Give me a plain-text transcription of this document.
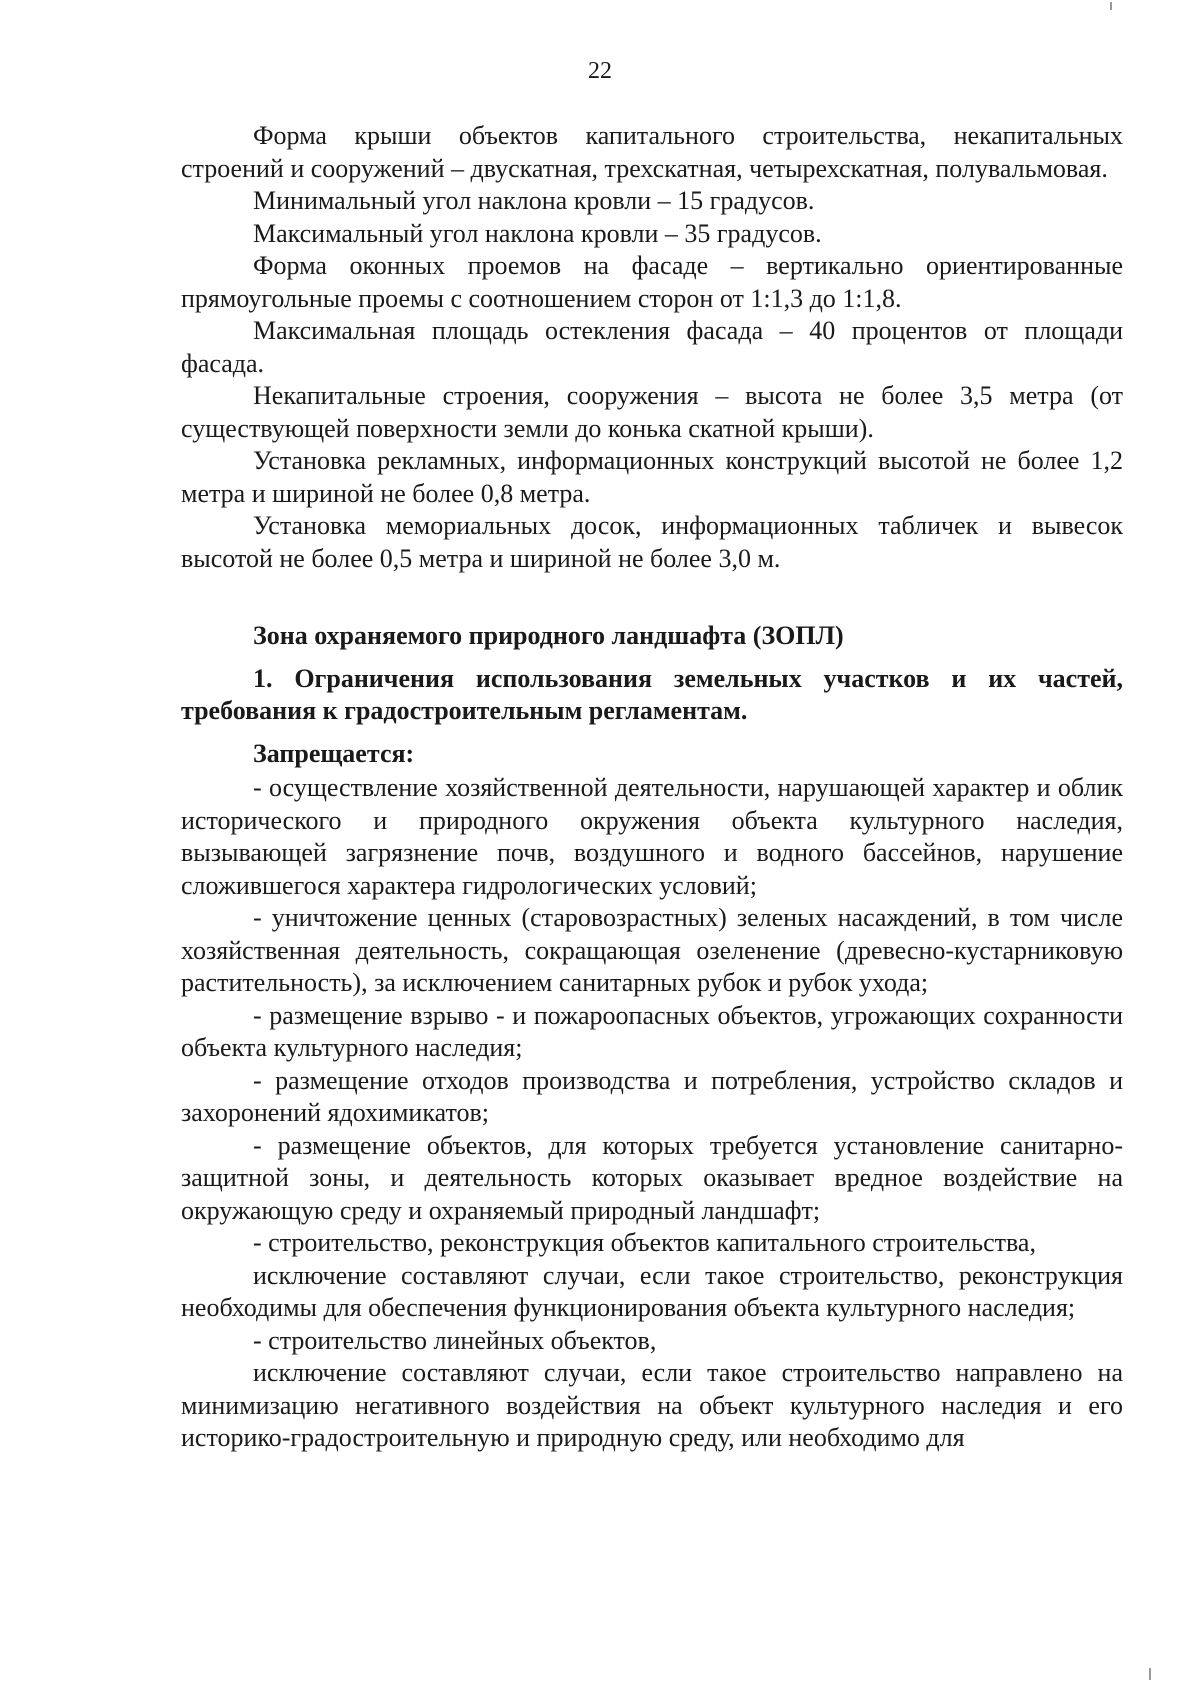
22

Форма крыши объектов капитального строительства, некапитальных строений и сооружений – двускатная, трехскатная, четырехскатная, полувальмовая.

Минимальный угол наклона кровли – 15 градусов.

Максимальный угол наклона кровли – 35 градусов.

Форма оконных проемов на фасаде – вертикально ориентированные прямоугольные проемы с соотношением сторон от 1:1,3 до 1:1,8.

Максимальная площадь остекления фасада – 40 процентов от площади фасада.

Некапитальные строения, сооружения – высота не более 3,5 метра (от существующей поверхности земли до конька скатной крыши).

Установка рекламных, информационных конструкций высотой не более 1,2 метра и шириной не более 0,8 метра.

Установка мемориальных досок, информационных табличек и вывесок высотой не более 0,5 метра и шириной не более 3,0 м.

Зона охраняемого природного ландшафта (ЗОПЛ)

1. Ограничения использования земельных участков и их частей, требования к градостроительным регламентам.

Запрещается:

- осуществление хозяйственной деятельности, нарушающей характер и облик исторического и природного окружения объекта культурного наследия, вызывающей загрязнение почв, воздушного и водного бассейнов, нарушение сложившегося характера гидрологических условий;

- уничтожение ценных (старовозрастных) зеленых насаждений, в том числе хозяйственная деятельность, сокращающая озеленение (древесно-кустарниковую растительность), за исключением санитарных рубок и рубок ухода;

- размещение взрыво - и пожароопасных объектов, угрожающих сохранности объекта культурного наследия;

- размещение отходов производства и потребления, устройство складов и захоронений ядохимикатов;

- размещение объектов, для которых требуется установление санитарно-защитной зоны, и деятельность которых оказывает вредное воздействие на окружающую среду и охраняемый природный ландшафт;

- строительство, реконструкция объектов капитального строительства,

исключение составляют случаи, если такое строительство, реконструкция необходимы для обеспечения функционирования объекта культурного наследия;

- строительство линейных объектов,

исключение составляют случаи, если такое строительство направлено на минимизацию негативного воздействия на объект культурного наследия и его историко-градостроительную и природную среду, или необходимо для
